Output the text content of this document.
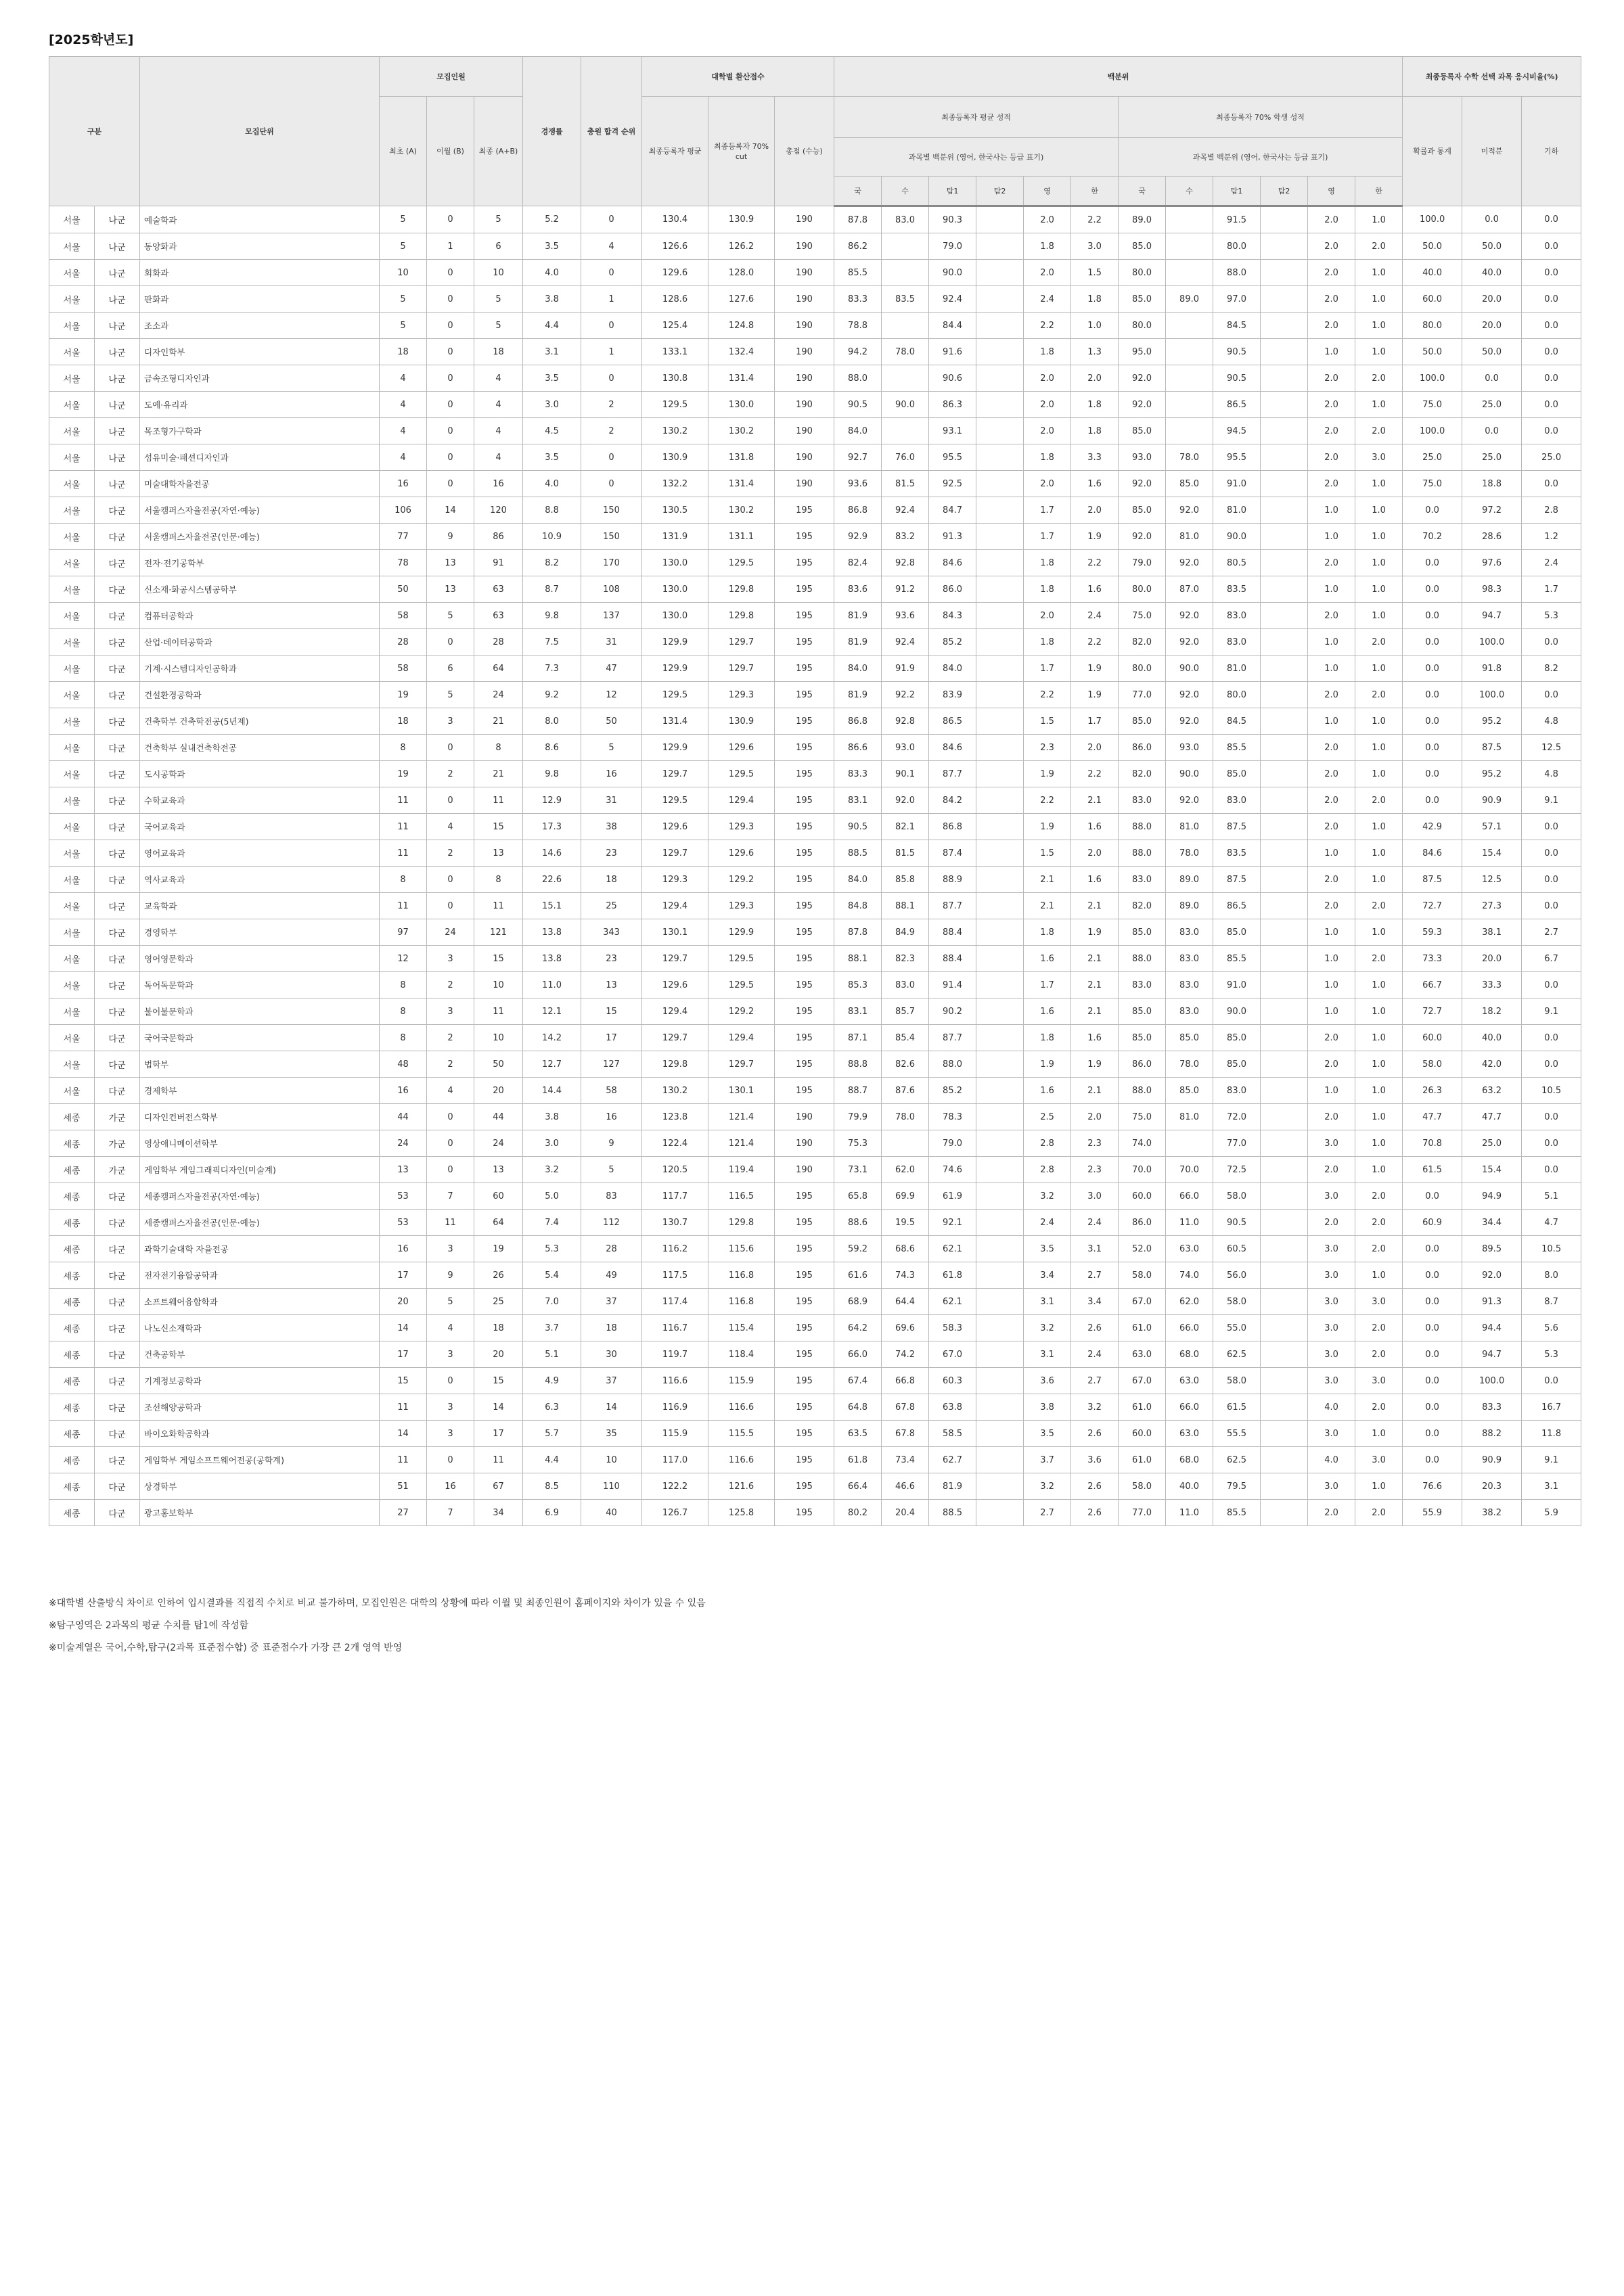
[2025학년도]
구분		모집단위	모집인원			경쟁률	충원 합격 순위	대학별 환산점수			백분위												최종등록자 수학 선택 과목 응시비율(%)		
			최초 (A)	이월 (B)	최종 (A+B)			최종등록자 평균	최종등록자 70% cut	총점 (수능)	최종등록자 평균 성적						최종등록자 70% 학생 성적						확률과 통계	미적분	기하
											과목별 백분위 (영어, 한국사는 등급 표기)						과목별 백분위 (영어, 한국사는 등급 표기)								
											국	수	탐1	탐2	영	한	국	수	탐1	탐2	영	한			
서울	나군	예술학과	5	0	5	5.2	0	130.4	130.9	190	87.8	83.0	90.3		2.0	2.2	89.0		91.5		2.0	1.0	100.0	0.0	0.0
서울	나군	동양화과	5	1	6	3.5	4	126.6	126.2	190	86.2		79.0		1.8	3.0	85.0		80.0		2.0	2.0	50.0	50.0	0.0
서울	나군	회화과	10	0	10	4.0	0	129.6	128.0	190	85.5		90.0		2.0	1.5	80.0		88.0		2.0	1.0	40.0	40.0	0.0
서울	나군	판화과	5	0	5	3.8	1	128.6	127.6	190	83.3	83.5	92.4		2.4	1.8	85.0	89.0	97.0		2.0	1.0	60.0	20.0	0.0
서울	나군	조소과	5	0	5	4.4	0	125.4	124.8	190	78.8		84.4		2.2	1.0	80.0		84.5		2.0	1.0	80.0	20.0	0.0
서울	나군	디자인학부	18	0	18	3.1	1	133.1	132.4	190	94.2	78.0	91.6		1.8	1.3	95.0		90.5		1.0	1.0	50.0	50.0	0.0
서울	나군	금속조형디자인과	4	0	4	3.5	0	130.8	131.4	190	88.0		90.6		2.0	2.0	92.0		90.5		2.0	2.0	100.0	0.0	0.0
서울	나군	도예·유리과	4	0	4	3.0	2	129.5	130.0	190	90.5	90.0	86.3		2.0	1.8	92.0		86.5		2.0	1.0	75.0	25.0	0.0
서울	나군	목조형가구학과	4	0	4	4.5	2	130.2	130.2	190	84.0		93.1		2.0	1.8	85.0		94.5		2.0	2.0	100.0	0.0	0.0
서울	나군	섬유미술·패션디자인과	4	0	4	3.5	0	130.9	131.8	190	92.7	76.0	95.5		1.8	3.3	93.0	78.0	95.5		2.0	3.0	25.0	25.0	25.0
서울	나군	미술대학자율전공	16	0	16	4.0	0	132.2	131.4	190	93.6	81.5	92.5		2.0	1.6	92.0	85.0	91.0		2.0	1.0	75.0	18.8	0.0
서울	다군	서울캠퍼스자율전공(자연·예능)	106	14	120	8.8	150	130.5	130.2	195	86.8	92.4	84.7		1.7	2.0	85.0	92.0	81.0		1.0	1.0	0.0	97.2	2.8
서울	다군	서울캠퍼스자율전공(인문·예능)	77	9	86	10.9	150	131.9	131.1	195	92.9	83.2	91.3		1.7	1.9	92.0	81.0	90.0		1.0	1.0	70.2	28.6	1.2
서울	다군	전자·전기공학부	78	13	91	8.2	170	130.0	129.5	195	82.4	92.8	84.6		1.8	2.2	79.0	92.0	80.5		2.0	1.0	0.0	97.6	2.4
서울	다군	신소재·화공시스템공학부	50	13	63	8.7	108	130.0	129.8	195	83.6	91.2	86.0		1.8	1.6	80.0	87.0	83.5		1.0	1.0	0.0	98.3	1.7
서울	다군	컴퓨터공학과	58	5	63	9.8	137	130.0	129.8	195	81.9	93.6	84.3		2.0	2.4	75.0	92.0	83.0		2.0	1.0	0.0	94.7	5.3
서울	다군	산업·데이터공학과	28	0	28	7.5	31	129.9	129.7	195	81.9	92.4	85.2		1.8	2.2	82.0	92.0	83.0		1.0	2.0	0.0	100.0	0.0
서울	다군	기계·시스템디자인공학과	58	6	64	7.3	47	129.9	129.7	195	84.0	91.9	84.0		1.7	1.9	80.0	90.0	81.0		1.0	1.0	0.0	91.8	8.2
서울	다군	건설환경공학과	19	5	24	9.2	12	129.5	129.3	195	81.9	92.2	83.9		2.2	1.9	77.0	92.0	80.0		2.0	2.0	0.0	100.0	0.0
서울	다군	건축학부 건축학전공(5년제)	18	3	21	8.0	50	131.4	130.9	195	86.8	92.8	86.5		1.5	1.7	85.0	92.0	84.5		1.0	1.0	0.0	95.2	4.8
서울	다군	건축학부 실내건축학전공	8	0	8	8.6	5	129.9	129.6	195	86.6	93.0	84.6		2.3	2.0	86.0	93.0	85.5		2.0	1.0	0.0	87.5	12.5
서울	다군	도시공학과	19	2	21	9.8	16	129.7	129.5	195	83.3	90.1	87.7		1.9	2.2	82.0	90.0	85.0		2.0	1.0	0.0	95.2	4.8
서울	다군	수학교육과	11	0	11	12.9	31	129.5	129.4	195	83.1	92.0	84.2		2.2	2.1	83.0	92.0	83.0		2.0	2.0	0.0	90.9	9.1
서울	다군	국어교육과	11	4	15	17.3	38	129.6	129.3	195	90.5	82.1	86.8		1.9	1.6	88.0	81.0	87.5		2.0	1.0	42.9	57.1	0.0
서울	다군	영어교육과	11	2	13	14.6	23	129.7	129.6	195	88.5	81.5	87.4		1.5	2.0	88.0	78.0	83.5		1.0	1.0	84.6	15.4	0.0
서울	다군	역사교육과	8	0	8	22.6	18	129.3	129.2	195	84.0	85.8	88.9		2.1	1.6	83.0	89.0	87.5		2.0	1.0	87.5	12.5	0.0
서울	다군	교육학과	11	0	11	15.1	25	129.4	129.3	195	84.8	88.1	87.7		2.1	2.1	82.0	89.0	86.5		2.0	2.0	72.7	27.3	0.0
서울	다군	경영학부	97	24	121	13.8	343	130.1	129.9	195	87.8	84.9	88.4		1.8	1.9	85.0	83.0	85.0		1.0	1.0	59.3	38.1	2.7
서울	다군	영어영문학과	12	3	15	13.8	23	129.7	129.5	195	88.1	82.3	88.4		1.6	2.1	88.0	83.0	85.5		1.0	2.0	73.3	20.0	6.7
서울	다군	독어독문학과	8	2	10	11.0	13	129.6	129.5	195	85.3	83.0	91.4		1.7	2.1	83.0	83.0	91.0		1.0	1.0	66.7	33.3	0.0
서울	다군	불어불문학과	8	3	11	12.1	15	129.4	129.2	195	83.1	85.7	90.2		1.6	2.1	85.0	83.0	90.0		1.0	1.0	72.7	18.2	9.1
서울	다군	국어국문학과	8	2	10	14.2	17	129.7	129.4	195	87.1	85.4	87.7		1.8	1.6	85.0	85.0	85.0		2.0	1.0	60.0	40.0	0.0
서울	다군	법학부	48	2	50	12.7	127	129.8	129.7	195	88.8	82.6	88.0		1.9	1.9	86.0	78.0	85.0		2.0	1.0	58.0	42.0	0.0
서울	다군	경제학부	16	4	20	14.4	58	130.2	130.1	195	88.7	87.6	85.2		1.6	2.1	88.0	85.0	83.0		1.0	1.0	26.3	63.2	10.5
세종	가군	디자인컨버전스학부	44	0	44	3.8	16	123.8	121.4	190	79.9	78.0	78.3		2.5	2.0	75.0	81.0	72.0		2.0	1.0	47.7	47.7	0.0
세종	가군	영상애니메이션학부	24	0	24	3.0	9	122.4	121.4	190	75.3		79.0		2.8	2.3	74.0		77.0		3.0	1.0	70.8	25.0	0.0
세종	가군	게임학부 게임그래픽디자인(미술계)	13	0	13	3.2	5	120.5	119.4	190	73.1	62.0	74.6		2.8	2.3	70.0	70.0	72.5		2.0	1.0	61.5	15.4	0.0
세종	다군	세종캠퍼스자율전공(자연·예능)	53	7	60	5.0	83	117.7	116.5	195	65.8	69.9	61.9		3.2	3.0	60.0	66.0	58.0		3.0	2.0	0.0	94.9	5.1
세종	다군	세종캠퍼스자율전공(인문·예능)	53	11	64	7.4	112	130.7	129.8	195	88.6	19.5	92.1		2.4	2.4	86.0	11.0	90.5		2.0	2.0	60.9	34.4	4.7
세종	다군	과학기술대학 자율전공	16	3	19	5.3	28	116.2	115.6	195	59.2	68.6	62.1		3.5	3.1	52.0	63.0	60.5		3.0	2.0	0.0	89.5	10.5
세종	다군	전자전기융합공학과	17	9	26	5.4	49	117.5	116.8	195	61.6	74.3	61.8		3.4	2.7	58.0	74.0	56.0		3.0	1.0	0.0	92.0	8.0
세종	다군	소프트웨어융합학과	20	5	25	7.0	37	117.4	116.8	195	68.9	64.4	62.1		3.1	3.4	67.0	62.0	58.0		3.0	3.0	0.0	91.3	8.7
세종	다군	나노신소재학과	14	4	18	3.7	18	116.7	115.4	195	64.2	69.6	58.3		3.2	2.6	61.0	66.0	55.0		3.0	2.0	0.0	94.4	5.6
세종	다군	건축공학부	17	3	20	5.1	30	119.7	118.4	195	66.0	74.2	67.0		3.1	2.4	63.0	68.0	62.5		3.0	2.0	0.0	94.7	5.3
세종	다군	기계정보공학과	15	0	15	4.9	37	116.6	115.9	195	67.4	66.8	60.3		3.6	2.7	67.0	63.0	58.0		3.0	3.0	0.0	100.0	0.0
세종	다군	조선해양공학과	11	3	14	6.3	14	116.9	116.6	195	64.8	67.8	63.8		3.8	3.2	61.0	66.0	61.5		4.0	2.0	0.0	83.3	16.7
세종	다군	바이오화학공학과	14	3	17	5.7	35	115.9	115.5	195	63.5	67.8	58.5		3.5	2.6	60.0	63.0	55.5		3.0	1.0	0.0	88.2	11.8
세종	다군	게임학부 게임소프트웨어전공(공학계)	11	0	11	4.4	10	117.0	116.6	195	61.8	73.4	62.7		3.7	3.6	61.0	68.0	62.5		4.0	3.0	0.0	90.9	9.1
세종	다군	상경학부	51	16	67	8.5	110	122.2	121.6	195	66.4	46.6	81.9		3.2	2.6	58.0	40.0	79.5		3.0	1.0	76.6	20.3	3.1
세종	다군	광고홍보학부	27	7	34	6.9	40	126.7	125.8	195	80.2	20.4	88.5		2.7	2.6	77.0	11.0	85.5		2.0	2.0	55.9	38.2	5.9
※대학별 산출방식 차이로 인하여 입시결과를 직접적 수치로 비교 불가하며, 모집인원은 대학의 상황에 따라 이월 및 최종인원이 홈페이지와 차이가 있을 수 있음
※탐구영역은 2과목의 평균 수치를 탐1에 작성함
※미술계열은 국어,수학,탐구(2과목 표준점수합) 중 표준점수가 가장 큰 2개 영역 반영
